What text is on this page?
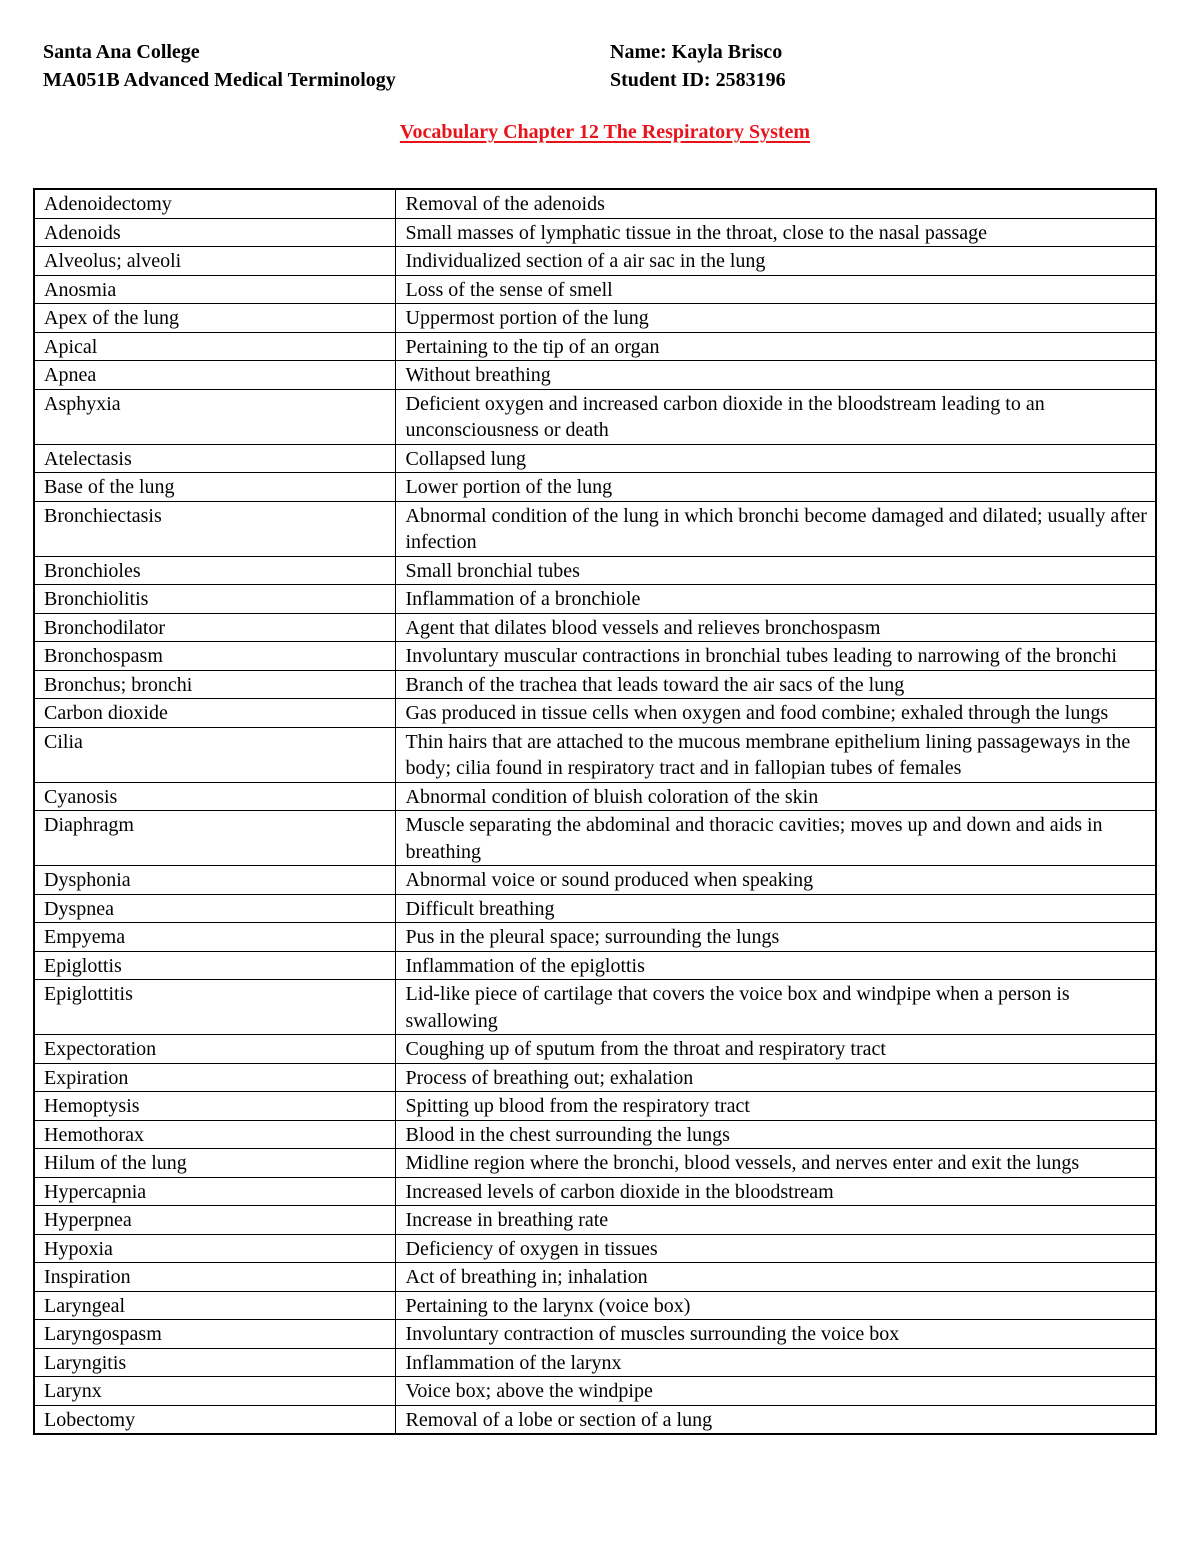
Santa Ana College
MA051B Advanced Medical Terminology
Name: Kayla Brisco
Student ID: 2583196
Vocabulary Chapter 12 The Respiratory System
Adenoidectomy	Removal of the adenoids
Adenoids	Small masses of lymphatic tissue in the throat, close to the nasal passage
Alveolus; alveoli	Individualized section of a air sac in the lung
Anosmia	Loss of the sense of smell
Apex of the lung	Uppermost portion of the lung
Apical	Pertaining to the tip of an organ
Apnea	Without breathing
Asphyxia	Deficient oxygen and increased carbon dioxide in the bloodstream leading to an unconsciousness or death
Atelectasis	Collapsed lung
Base of the lung	Lower portion of the lung
Bronchiectasis	Abnormal condition of the lung in which bronchi become damaged and dilated; usually after infection
Bronchioles	Small bronchial tubes
Bronchiolitis	Inflammation of a bronchiole
Bronchodilator	Agent that dilates blood vessels and relieves bronchospasm
Bronchospasm	Involuntary muscular contractions in bronchial tubes leading to narrowing of the bronchi
Bronchus; bronchi	Branch of the trachea that leads toward the air sacs of the lung
Carbon dioxide	Gas produced in tissue cells when oxygen and food combine; exhaled through the lungs
Cilia	Thin hairs that are attached to the mucous membrane epithelium lining passageways in the body; cilia found in respiratory tract and in fallopian tubes of females
Cyanosis	Abnormal condition of bluish coloration of the skin
Diaphragm	Muscle separating the abdominal and thoracic cavities; moves up and down and aids in breathing
Dysphonia	Abnormal voice or sound produced when speaking
Dyspnea	Difficult breathing
Empyema	Pus in the pleural space; surrounding the lungs
Epiglottis	Inflammation of the epiglottis
Epiglottitis	Lid-like piece of cartilage that covers the voice box and windpipe when a person is swallowing
Expectoration	Coughing up of sputum from the throat and respiratory tract
Expiration	Process of breathing out; exhalation
Hemoptysis	Spitting up blood from the respiratory tract
Hemothorax	Blood in the chest surrounding the lungs
Hilum of the lung	Midline region where the bronchi, blood vessels, and nerves enter and exit the lungs
Hypercapnia	Increased levels of carbon dioxide in the bloodstream
Hyperpnea	Increase in breathing rate
Hypoxia	Deficiency of oxygen in tissues
Inspiration	Act of breathing in; inhalation
Laryngeal	Pertaining to the larynx (voice box)
Laryngospasm	Involuntary contraction of muscles surrounding the voice box
Laryngitis	Inflammation of the larynx
Larynx	Voice box; above the windpipe
Lobectomy	Removal of a lobe or section of a lung
